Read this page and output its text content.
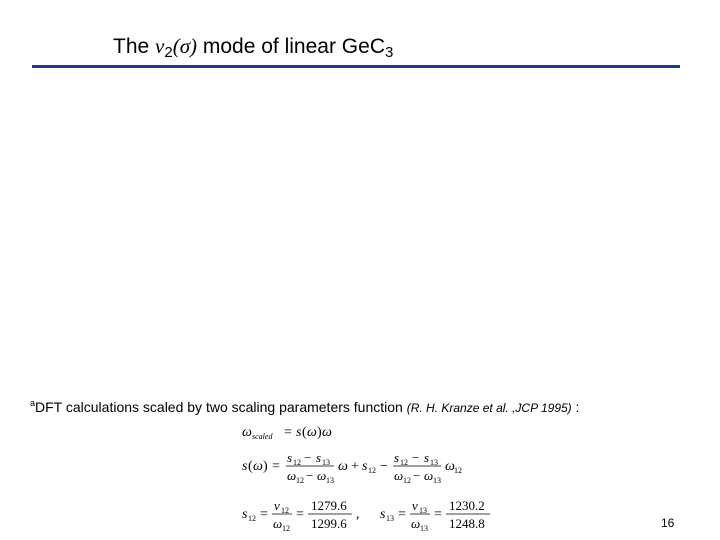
The $\nu_2(\sigma)$ mode of linear GeC$_3$
$^a$DFT calculations scaled by two scaling parameters function (R. H. Kranze et al. ,JCP 1995) :
ω scaled = s ( ω ) ω
s ( ω ) =
s 12 − s 13
ω 12 − ω 13
ω + s 12 −
s 12 − s 13
ω 12 − ω 13
ω 12
s 12 =
ν 12
ω 12
=
1279.6
1299.6
, s 13 =
ν 13
ω 13
=
1230.2
1248.8	16
